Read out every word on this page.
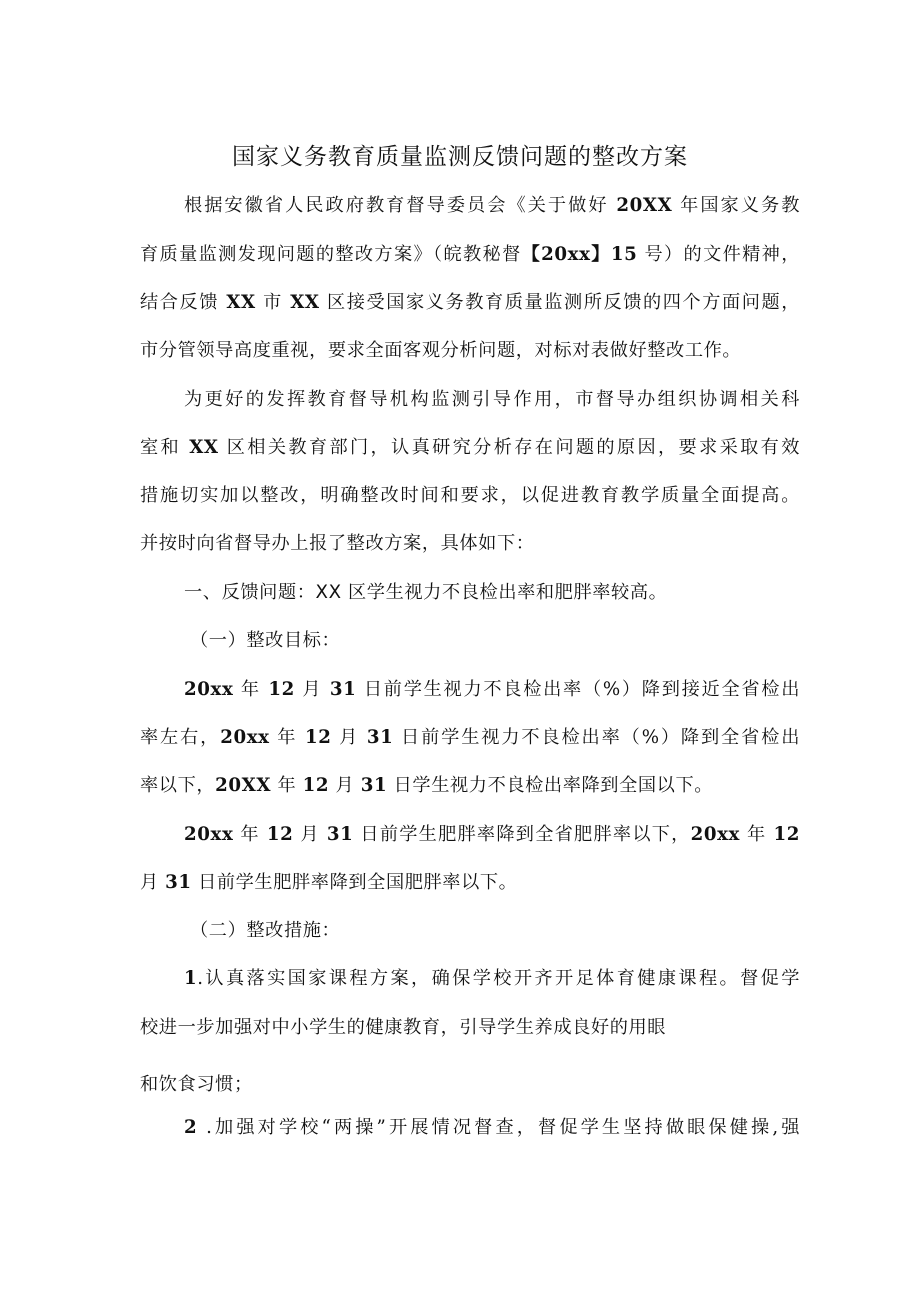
国家义务教育质量监测反馈问题的整改方案

根据安徽省人民政府教育督导委员会《关于做好 20XX 年国家义务教

育质量监测发现问题的整改方案》（皖教秘督【20xx】15 号）的文件精神，

结合反馈 XX 市 XX 区接受国家义务教育质量监测所反馈的四个方面问题，

市分管领导高度重视，要求全面客观分析问题，对标对表做好整改工作。

为更好的发挥教育督导机构监测引导作用，市督导办组织协调相关科

室和 XX 区相关教育部门，认真研究分析存在问题的原因，要求采取有效

措施切实加以整改，明确整改时间和要求，以促进教育教学质量全面提高。

并按时向省督导办上报了整改方案，具体如下：

一、反馈问题：XX 区学生视力不良检出率和肥胖率较高。

（一）整改目标：

20xx 年 12 月 31 日前学生视力不良检出率（%）降到接近全省检出

率左右，20xx 年 12 月 31 日前学生视力不良检出率（%）降到全省检出

率以下，20XX 年 12 月 31 日学生视力不良检出率降到全国以下。

20xx 年 12 月 31 日前学生肥胖率降到全省肥胖率以下，20xx 年 12

月 31 日前学生肥胖率降到全国肥胖率以下。

（二）整改措施：

1.认真落实国家课程方案，确保学校开齐开足体育健康课程。督促学

校进一步加强对中小学生的健康教育，引导学生养成良好的用眼

和饮食习惯；

2 .加强对学校“两操”开展情况督查，督促学生坚持做眼保健操,强
